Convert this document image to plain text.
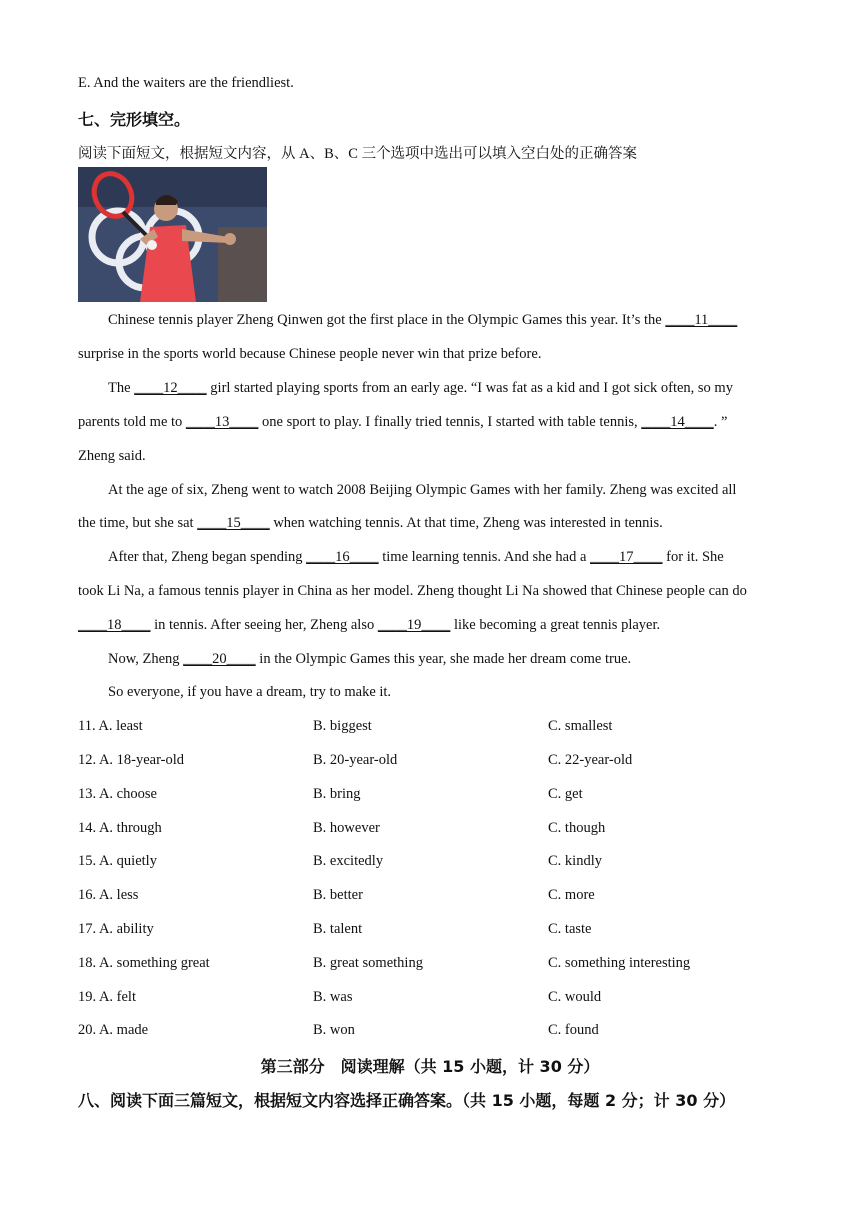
E. And the waiters are the friendliest.
七、完形填空。
阅读下面短文，根据短文内容，从 A、B、C 三个选项中选出可以填入空白处的正确答案
Chinese tennis player Zheng Qinwen got the first place in the Olympic Games this year. It’s the ____11____
surprise in the sports world because Chinese people never win that prize before.
The ____12____ girl started playing sports from an early age. “I was fat as a kid and I got sick often, so my
parents told me to ____13____ one sport to play. I finally tried tennis, I started with table tennis, ____14____. ”
Zheng said.
At the age of six, Zheng went to watch 2008 Beijing Olympic Games with her family. Zheng was excited all
the time, but she sat ____15____ when watching tennis. At that time, Zheng was interested in tennis.
After that, Zheng began spending ____16____ time learning tennis. And she had a ____17____ for it. She
took Li Na, a famous tennis player in China as her model. Zheng thought Li Na showed that Chinese people can do
____18____ in tennis. After seeing her, Zheng also ____19____ like becoming a great tennis player.
Now, Zheng ____20____ in the Olympic Games this year, she made her dream come true.
So everyone, if you have a dream, try to make it.
11. A. least	B. biggest	C. smallest
12. A. 18-year-old	B. 20-year-old	C. 22-year-old
13. A. choose	B. bring	C. get
14. A. through	B. however	C. though
15. A. quietly	B. excitedly	C. kindly
16. A. less	B. better	C. more
17. A. ability	B. talent	C. taste
18. A. something great	B. great something	C. something interesting
19. A. felt	B. was	C. would
20. A. made	B. won	C. found
第三部分　阅读理解（共 15 小题，计 30 分）
八、阅读下面三篇短文，根据短文内容选择正确答案。（共 15 小题，每题 2 分；计 30 分）
